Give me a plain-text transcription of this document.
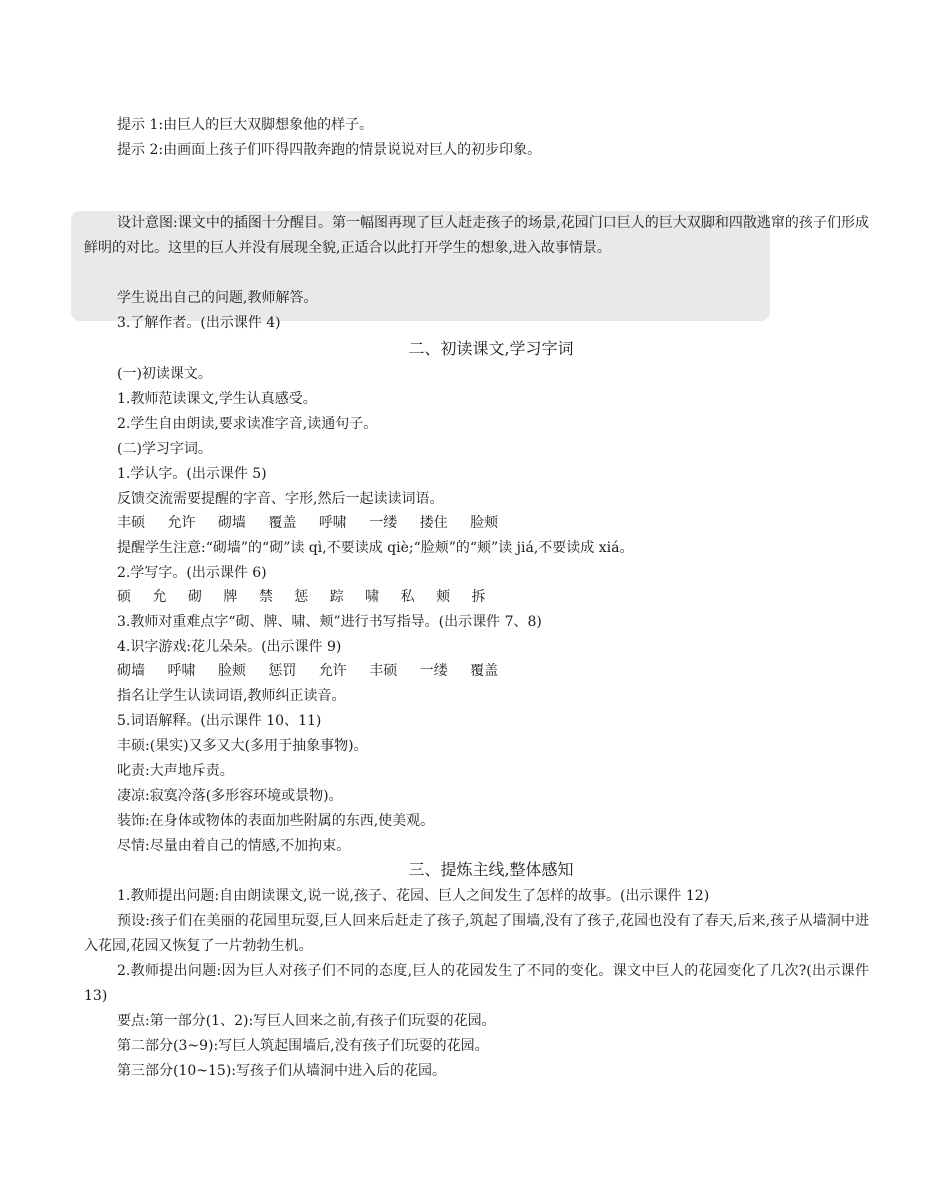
提示 1:由巨人的巨大双脚想象他的样子。
提示 2:由画面上孩子们吓得四散奔跑的情景说说对巨人的初步印象。
设计意图:课文中的插图十分醒目。第一幅图再现了巨人赶走孩子的场景,花园门口巨人的巨大双脚和四散逃窜的孩子们形成鲜明的对比。这里的巨人并没有展现全貌,正适合以此打开学生的想象,进入故事情景。
学生说出自己的问题,教师解答。
3.了解作者。(出示课件 4)
二、初读课文,学习字词
(一)初读课文。
1.教师范读课文,学生认真感受。
2.学生自由朗读,要求读准字音,读通句子。
(二)学习字词。
1.学认字。(出示课件 5)
反馈交流需要提醒的字音、字形,然后一起读读词语。
丰硕 允许 砌墙 覆盖 呼啸 一缕 搂住 脸颊
提醒学生注意:“砌墙”的“砌”读 qì,不要读成 qiè;“脸颊”的“颊”读 jiá,不要读成 xiá。
2.学写字。(出示课件 6)
硕 允 砌 牌 禁 惩 踪 啸 私 颊 拆
3.教师对重难点字“砌、牌、啸、颊”进行书写指导。(出示课件 7、8)
4.识字游戏:花儿朵朵。(出示课件 9)
砌墙 呼啸 脸颊 惩罚 允许 丰硕 一缕 覆盖
指名让学生认读词语,教师纠正读音。
5.词语解释。(出示课件 10、11)
丰硕:(果实)又多又大(多用于抽象事物)。
叱责:大声地斥责。
凄凉:寂寞冷落(多形容环境或景物)。
装饰:在身体或物体的表面加些附属的东西,使美观。
尽情:尽量由着自己的情感,不加拘束。
三、提炼主线,整体感知
1.教师提出问题:自由朗读课文,说一说,孩子、花园、巨人之间发生了怎样的故事。(出示课件 12)
预设:孩子们在美丽的花园里玩耍,巨人回来后赶走了孩子,筑起了围墙,没有了孩子,花园也没有了春天,后来,孩子从墙洞中进入花园,花园又恢复了一片勃勃生机。
2.教师提出问题:因为巨人对孩子们不同的态度,巨人的花园发生了不同的变化。课文中巨人的花园变化了几次?(出示课件 13)
要点:第一部分(1、2):写巨人回来之前,有孩子们玩耍的花园。
第二部分(3~9):写巨人筑起围墙后,没有孩子们玩耍的花园。
第三部分(10~15):写孩子们从墙洞中进入后的花园。
